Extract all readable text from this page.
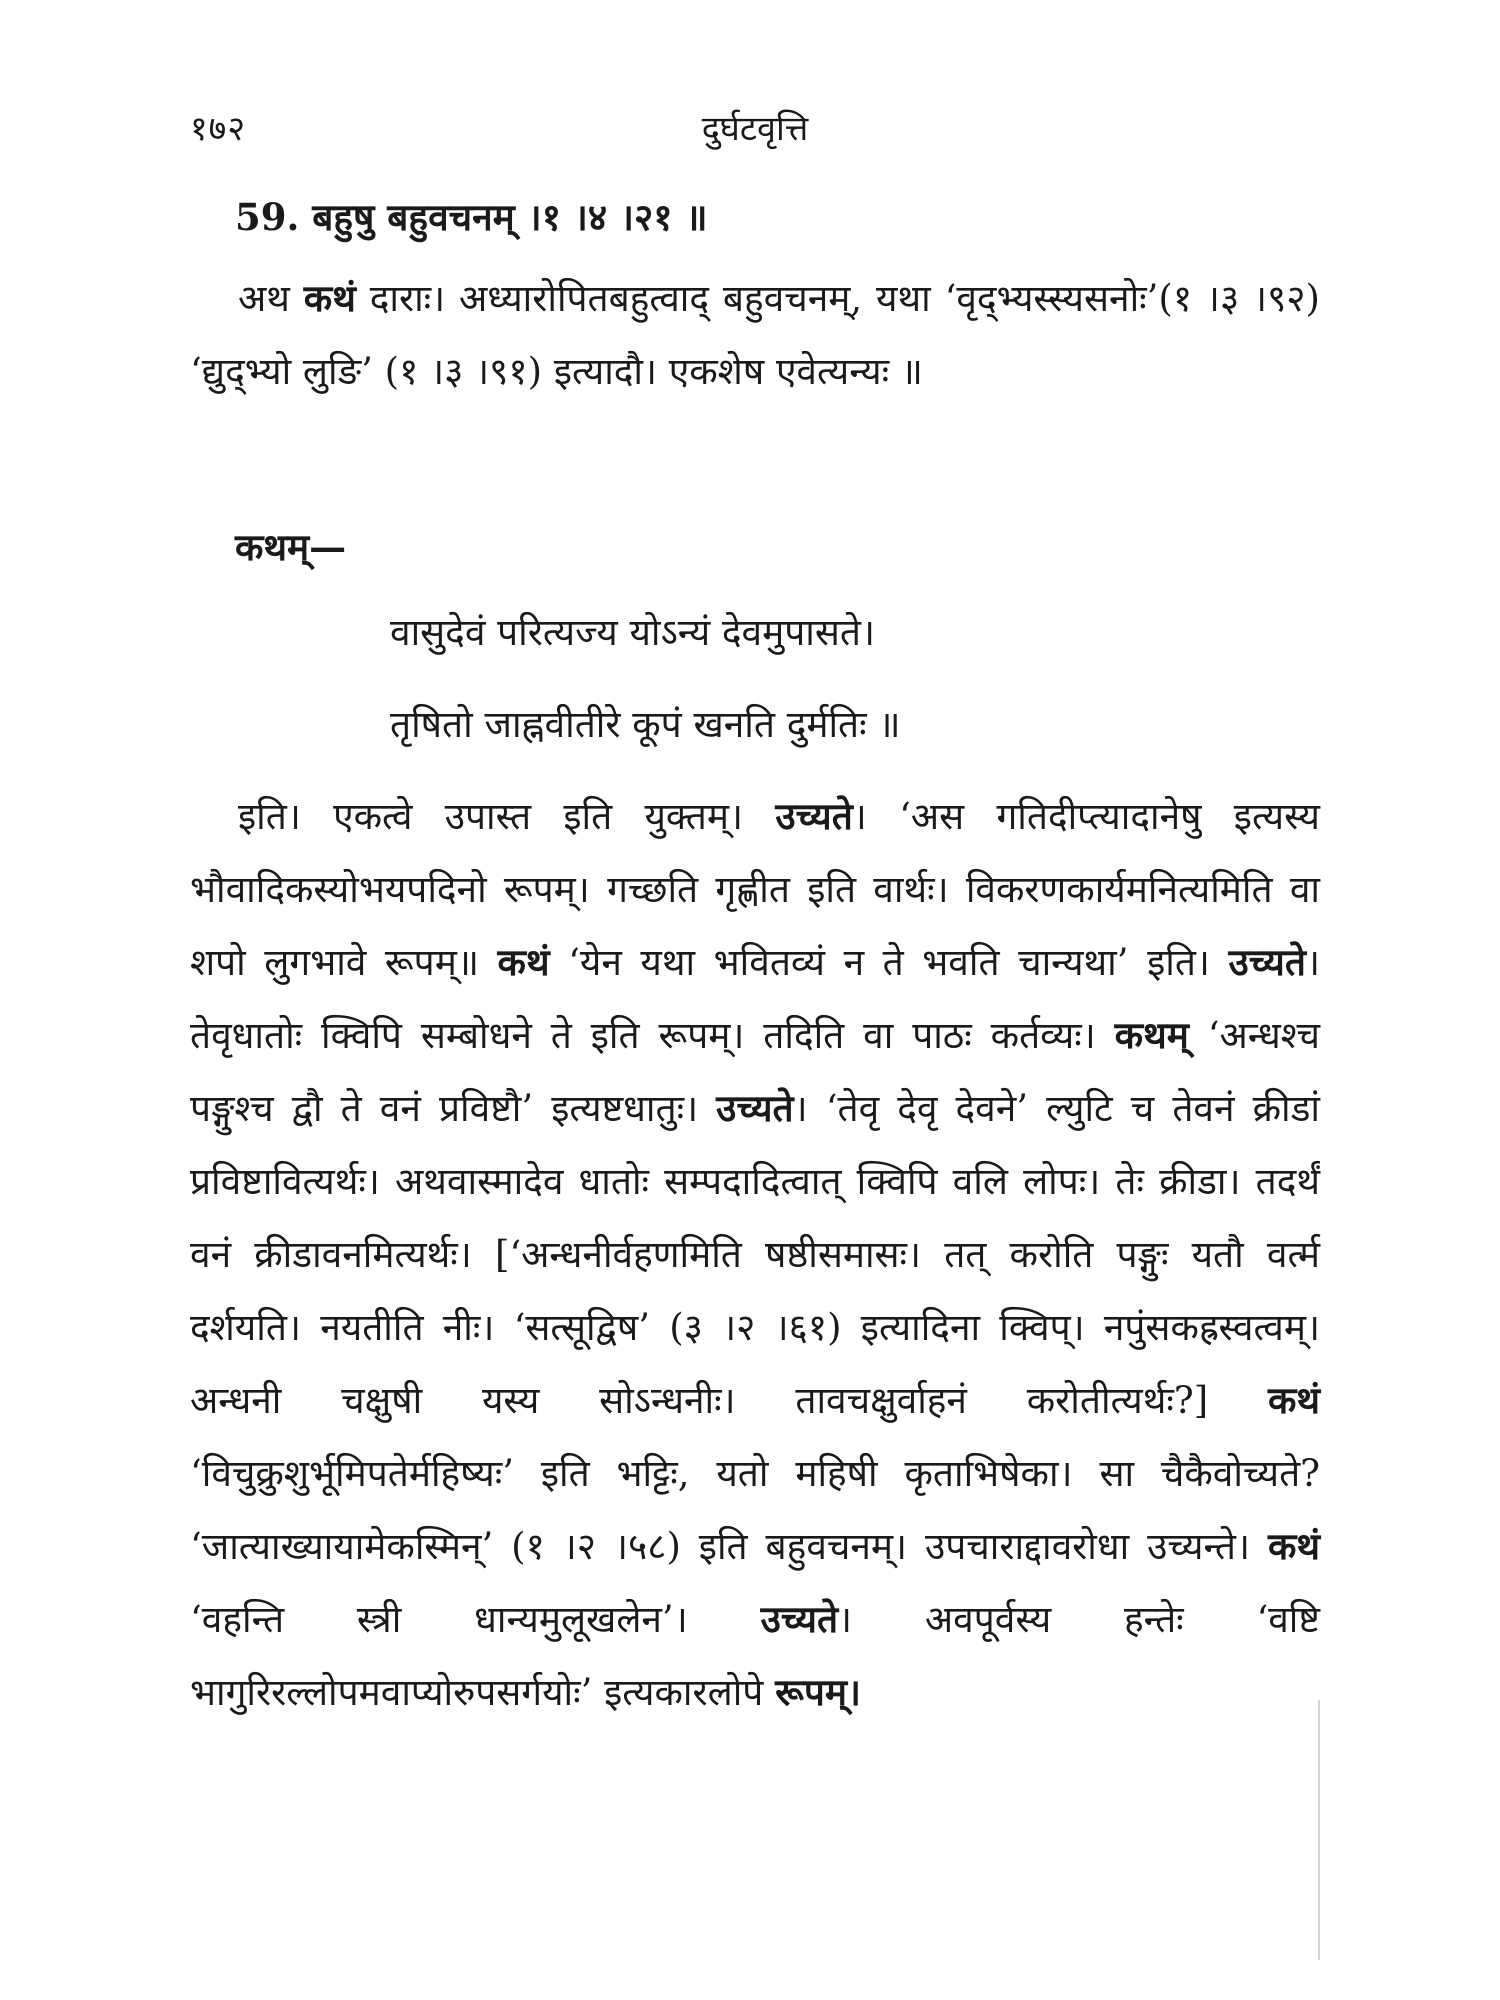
१७२	दुर्घटवृत्ति
59. बहुषु बहुवचनम् ।१ ।४ ।२१ ॥

अथ कथं दाराः। अध्यारोपितबहुत्वाद् बहुवचनम्, यथा ‘वृद्भ्यस्स्यसनोः’(१ ।३ ।९२) ‘द्युद्भ्यो लुङि’ (१ ।३ ।९१) इत्यादौ। एकशेष एवेत्यन्यः ॥

कथम्—

वासुदेवं परित्यज्य योऽन्यं देवमुपासते।

तृषितो जाह्नवीतीरे कूपं खनति दुर्मतिः ॥

इति। एकत्वे उपास्त इति युक्तम्। उच्यते। ‘अस गतिदीप्त्यादानेषु इत्यस्य भौवादिकस्योभयपदिनो रूपम्। गच्छति गृह्णीत इति वार्थः। विकरणकार्यमनित्यमिति वा शपो लुगभावे रूपम्॥ कथं ‘येन यथा भवितव्यं न ते भवति चान्यथा’ इति। उच्यते। तेवृधातोः क्विपि सम्बोधने ते इति रूपम्। तदिति वा पाठः कर्तव्यः। कथम् ‘अन्धश्च पङ्गुश्च द्वौ ते वनं प्रविष्टौ’ इत्यष्टधातुः। उच्यते। ‘तेवृ देवृ देवने’ ल्युटि च तेवनं क्रीडां प्रविष्टावित्यर्थः। अथवास्मादेव धातोः सम्पदादित्वात् क्विपि वलि लोपः। तेः क्रीडा। तदर्थं वनं क्रीडावनमित्यर्थः। [‘अन्धनीर्वहणमिति षष्ठीसमासः। तत् करोति पङ्गुः यतौ वर्त्म दर्शयति। नयतीति नीः। ‘सत्सूद्विष’ (३ ।२ ।६१) इत्यादिना क्विप्। नपुंसकह्रस्वत्वम्। अन्धनी चक्षुषी यस्य सोऽन्धनीः। तावचक्षुर्वाहनं करोतीत्यर्थः?] कथं ‘विचुक्रुशुर्भूमिपतेर्महिष्यः’ इति भट्टिः, यतो महिषी कृताभिषेका। सा चैकैवोच्यते? ‘जात्याख्यायामेकस्मिन्’ (१ ।२ ।५८) इति बहुवचनम्। उपचाराद्दावरोधा उच्यन्ते। कथं ‘वहन्ति स्त्री धान्यमुलूखलेन’। उच्यते। अवपूर्वस्य हन्तेः ‘वष्टि भागुरिरल्लोपमवाप्योरुपसर्गयोः’ इत्यकारलोपे रूपम्।
